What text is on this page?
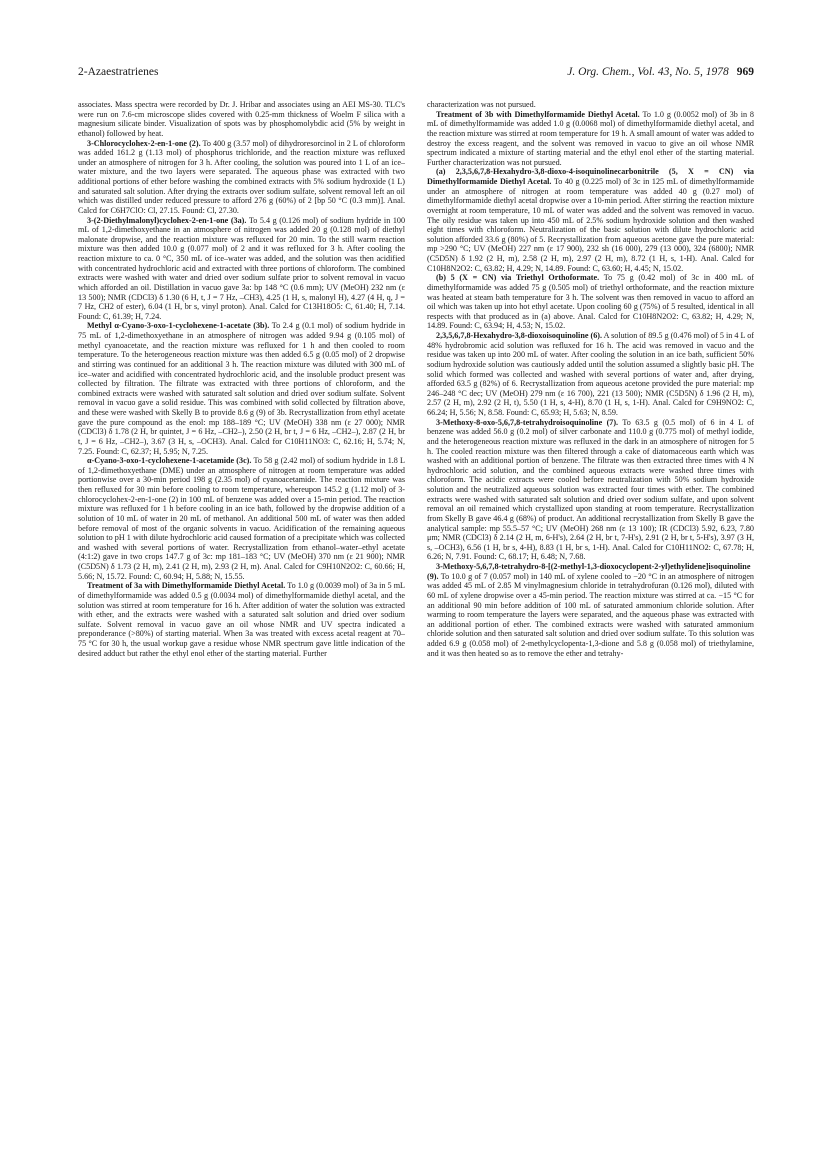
2-Azaestratrienes	J. Org. Chem., Vol. 43, No. 5, 1978 969

associates. Mass spectra were recorded by Dr. J. Hribar and associates using an AEI MS-30. TLC's were run on 7.6-cm microscope slides covered with 0.25-mm thickness of Woelm F silica with a magnesium silicate binder. Visualization of spots was by phosphomolybdic acid (5% by weight in ethanol) followed by heat.

3-Chlorocyclohex-2-en-1-one (2). To 400 g (3.57 mol) of dihydroresorcinol in 2 L of chloroform was added 161.2 g (1.13 mol) of phosphorus trichloride, and the reaction mixture was refluxed under an atmosphere of nitrogen for 3 h. After cooling, the solution was poured into 1 L of an ice–water mixture, and the two layers were separated. The aqueous phase was extracted with two additional portions of ether before washing the combined extracts with 5% sodium hydroxide (1 L) and saturated salt solution. After drying the extracts over sodium sulfate, solvent removal left an oil which was distilled under reduced pressure to afford 276 g (60%) of 2 [bp 50 °C (0.3 mm)]. Anal. Calcd for C6H7ClO: Cl, 27.15. Found: Cl, 27.30.

3-(2-Diethylmalonyl)cyclohex-2-en-1-one (3a). To 5.4 g (0.126 mol) of sodium hydride in 100 mL of 1,2-dimethoxyethane in an atmosphere of nitrogen was added 20 g (0.128 mol) of diethyl malonate dropwise, and the reaction mixture was refluxed for 20 min. To the still warm reaction mixture was then added 10.0 g (0.077 mol) of 2 and it was refluxed for 3 h. After cooling the reaction mixture to ca. 0 °C, 350 mL of ice–water was added, and the solution was then acidified with concentrated hydrochloric acid and extracted with three portions of chloroform. The combined extracts were washed with water and dried over sodium sulfate prior to solvent removal in vacuo which afforded an oil. Distillation in vacuo gave 3a: bp 148 °C (0.6 mm); UV (MeOH) 232 nm (ε 13 500); NMR (CDCl3) δ 1.30 (6 H, t, J = 7 Hz, –CH3), 4.25 (1 H, s, malonyl H), 4.27 (4 H, q, J = 7 Hz, CH2 of ester), 6.04 (1 H, br s, vinyl proton). Anal. Calcd for C13H18O5: C, 61.40; H, 7.14. Found: C, 61.39; H, 7.24.

Methyl α-Cyano-3-oxo-1-cyclohexene-1-acetate (3b). To 2.4 g (0.1 mol) of sodium hydride in 75 mL of 1,2-dimethoxyethane in an atmosphere of nitrogen was added 9.94 g (0.105 mol) of methyl cyanoacetate, and the reaction mixture was refluxed for 1 h and then cooled to room temperature. To the heterogeneous reaction mixture was then added 6.5 g (0.05 mol) of 2 dropwise and stirring was continued for an additional 3 h. The reaction mixture was diluted with 300 mL of ice–water and acidified with concentrated hydrochloric acid, and the insoluble product present was collected by filtration. The filtrate was extracted with three portions of chloroform, and the combined extracts were washed with saturated salt solution and dried over sodium sulfate. Solvent removal in vacuo gave a solid residue. This was combined with solid collected by filtration above, and these were washed with Skelly B to provide 8.6 g (9) of 3b. Recrystallization from ethyl acetate gave the pure compound as the enol: mp 188–189 °C; UV (MeOH) 338 nm (ε 27 000); NMR (CDCl3) δ 1.78 (2 H, br quintet, J = 6 Hz, –CH2–), 2.50 (2 H, br t, J = 6 Hz, –CH2–), 2.87 (2 H, br t, J = 6 Hz, –CH2–), 3.67 (3 H, s, –OCH3). Anal. Calcd for C10H11NO3: C, 62.16; H, 5.74; N, 7.25. Found: C, 62.37; H, 5.95; N, 7.25.

α-Cyano-3-oxo-1-cyclohexene-1-acetamide (3c). To 58 g (2.42 mol) of sodium hydride in 1.8 L of 1,2-dimethoxyethane (DME) under an atmosphere of nitrogen at room temperature was added portionwise over a 30-min period 198 g (2.35 mol) of cyanoacetamide. The reaction mixture was then refluxed for 30 min before cooling to room temperature, whereupon 145.2 g (1.12 mol) of 3-chlorocyclohex-2-en-1-one (2) in 100 mL of benzene was added over a 15-min period. The reaction mixture was refluxed for 1 h before cooling in an ice bath, followed by the dropwise addition of a solution of 10 mL of water in 20 mL of methanol. An additional 500 mL of water was then added before removal of most of the organic solvents in vacuo. Acidification of the remaining aqueous solution to pH 1 with dilute hydrochloric acid caused formation of a precipitate which was collected and washed with several portions of water. Recrystallization from ethanol–water–ethyl acetate (4:1:2) gave in two crops 147.7 g of 3c: mp 181–183 °C; UV (MeOH) 370 nm (ε 21 900); NMR (C5D5N) δ 1.73 (2 H, m), 2.41 (2 H, m), 2.93 (2 H, m). Anal. Calcd for C9H10N2O2: C, 60.66; H, 5.66; N, 15.72. Found: C, 60.94; H, 5.88; N, 15.55.

Treatment of 3a with Dimethylformamide Diethyl Acetal. To 1.0 g (0.0039 mol) of 3a in 5 mL of dimethylformamide was added 0.5 g (0.0034 mol) of dimethylformamide diethyl acetal, and the solution was stirred at room temperature for 16 h. After addition of water the solution was extracted with ether, and the extracts were washed with a saturated salt solution and dried over sodium sulfate. Solvent removal in vacuo gave an oil whose NMR and UV spectra indicated a preponderance (>80%) of starting material. When 3a was treated with excess acetal reagent at 70–75 °C for 30 h, the usual workup gave a residue whose NMR spectrum gave little indication of the desired adduct but rather the ethyl enol ether of the starting material. Further

characterization was not pursued.

Treatment of 3b with Dimethylformamide Diethyl Acetal. To 1.0 g (0.0052 mol) of 3b in 8 mL of dimethylformamide was added 1.0 g (0.0068 mol) of dimethylformamide diethyl acetal, and the reaction mixture was stirred at room temperature for 19 h. A small amount of water was added to destroy the excess reagent, and the solvent was removed in vacuo to give an oil whose NMR spectrum indicated a mixture of starting material and the ethyl enol ether of the starting material. Further characterization was not pursued.

(a) 2,3,5,6,7,8-Hexahydro-3,8-dioxo-4-isoquinolinecarbonitrile (5, X = CN) via Dimethylformamide Diethyl Acetal. To 40 g (0.225 mol) of 3c in 125 mL of dimethylformamide under an atmosphere of nitrogen at room temperature was added 40 g (0.27 mol) of dimethylformamide diethyl acetal dropwise over a 10-min period. After stirring the reaction mixture overnight at room temperature, 10 mL of water was added and the solvent was removed in vacuo. The oily residue was taken up into 450 mL of 2.5% sodium hydroxide solution and then washed eight times with chloroform. Neutralization of the basic solution with dilute hydrochloric acid solution afforded 33.6 g (80%) of 5. Recrystallization from aqueous acetone gave the pure material: mp >290 °C; UV (MeOH) 227 nm (ε 17 900), 232 sh (16 000), 279 (13 000), 324 (6800); NMR (C5D5N) δ 1.92 (2 H, m), 2.58 (2 H, m), 2.97 (2 H, m), 8.72 (1 H, s, 1-H). Anal. Calcd for C10H8N2O2: C, 63.82; H, 4.29; N, 14.89. Found: C, 63.60; H, 4.45; N, 15.02.

(b) 5 (X = CN) via Triethyl Orthoformate. To 75 g (0.42 mol) of 3c in 400 mL of dimethylformamide was added 75 g (0.505 mol) of triethyl orthoformate, and the reaction mixture was heated at steam bath temperature for 3 h. The solvent was then removed in vacuo to afford an oil which was taken up into hot ethyl acetate. Upon cooling 60 g (75%) of 5 resulted, identical in all respects with that produced as in (a) above. Anal. Calcd for C10H8N2O2: C, 63.82; H, 4.29; N, 14.89. Found: C, 63.94; H, 4.53; N, 15.02.

2,3,5,6,7,8-Hexahydro-3,8-dioxoisoquinoline (6). A solution of 89.5 g (0.476 mol) of 5 in 4 L of 48% hydrobromic acid solution was refluxed for 16 h. The acid was removed in vacuo and the residue was taken up into 200 mL of water. After cooling the solution in an ice bath, sufficient 50% sodium hydroxide solution was cautiously added until the solution assumed a slightly basic pH. The solid which formed was collected and washed with several portions of water and, after drying, afforded 63.5 g (82%) of 6. Recrystallization from aqueous acetone provided the pure material: mp 246–248 °C dec; UV (MeOH) 279 nm (ε 16 700), 221 (13 500); NMR (C5D5N) δ 1.96 (2 H, m), 2.57 (2 H, m), 2.92 (2 H, t), 5.50 (1 H, s, 4-H), 8.70 (1 H, s, 1-H). Anal. Calcd for C9H9NO2: C, 66.24; H, 5.56; N, 8.58. Found: C, 65.93; H, 5.63; N, 8.59.

3-Methoxy-8-oxo-5,6,7,8-tetrahydroisoquinoline (7). To 63.5 g (0.5 mol) of 6 in 4 L of benzene was added 56.0 g (0.2 mol) of silver carbonate and 110.0 g (0.775 mol) of methyl iodide, and the heterogeneous reaction mixture was refluxed in the dark in an atmosphere of nitrogen for 5 h. The cooled reaction mixture was then filtered through a cake of diatomaceous earth which was washed with an additional portion of benzene. The filtrate was then extracted three times with 4 N hydrochloric acid solution, and the combined aqueous extracts were washed three times with chloroform. The acidic extracts were cooled before neutralization with 50% sodium hydroxide solution and the neutralized aqueous solution was extracted four times with ether. The combined extracts were washed with saturated salt solution and dried over sodium sulfate, and upon solvent removal an oil remained which crystallized upon standing at room temperature. Recrystallization from Skelly B gave 46.4 g (68%) of product. An additional recrystallization from Skelly B gave the analytical sample: mp 55.5–57 °C; UV (MeOH) 268 nm (ε 13 100); IR (CDCl3) 5.92, 6.23, 7.80 μm; NMR (CDCl3) δ 2.14 (2 H, m, 6-H's), 2.64 (2 H, br t, 7-H's), 2.91 (2 H, br t, 5-H's), 3.97 (3 H, s, –OCH3), 6.56 (1 H, br s, 4-H), 8.83 (1 H, br s, 1-H). Anal. Calcd for C10H11NO2: C, 67.78; H, 6.26; N, 7.91. Found: C, 68.17; H, 6.48; N, 7.68.

3-Methoxy-5,6,7,8-tetrahydro-8-[(2-methyl-1,3-dioxocyclopent-2-yl)ethylidene]isoquinoline (9). To 10.0 g of 7 (0.057 mol) in 140 mL of xylene cooled to −20 °C in an atmosphere of nitrogen was added 45 mL of 2.85 M vinylmagnesium chloride in tetrahydrofuran (0.126 mol), diluted with 60 mL of xylene dropwise over a 45-min period. The reaction mixture was stirred at ca. −15 °C for an additional 90 min before addition of 100 mL of saturated ammonium chloride solution. After warming to room temperature the layers were separated, and the aqueous phase was extracted with an additional portion of ether. The combined extracts were washed with saturated ammonium chloride solution and then saturated salt solution and dried over sodium sulfate. To this solution was added 6.9 g (0.058 mol) of 2-methylcyclopenta-1,3-dione and 5.8 g (0.058 mol) of triethylamine, and it was then heated so as to remove the ether and tetrahy-
